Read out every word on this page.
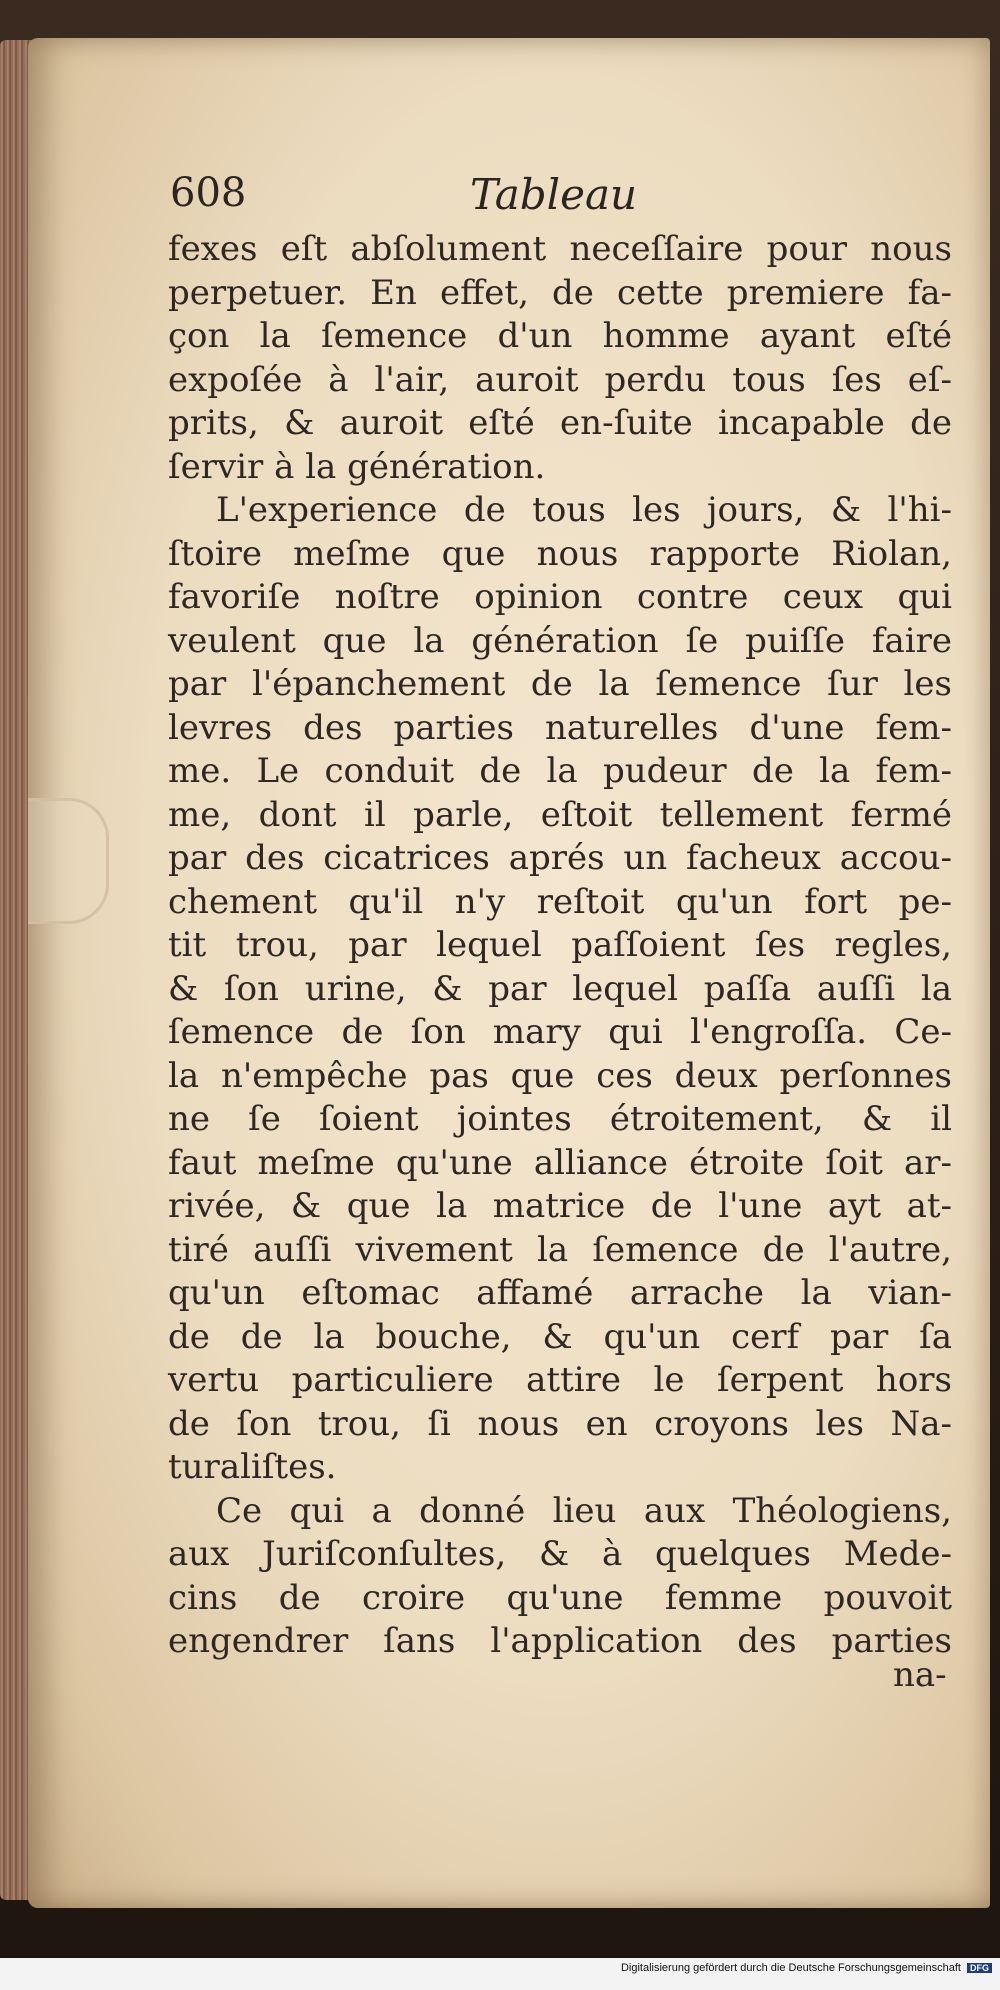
608	Tableau
fexes eſt abſolument neceſſaire pour nous
perpetuer. En effet, de cette premiere fa-
çon la ſemence d'un homme ayant eſté
expoſée à l'air, auroit perdu tous ſes eſ-
prits, & auroit eſté en-ſuite incapable de
ſervir à la génération.
L'experience de tous les jours, & l'hi-
ſtoire meſme que nous rapporte Riolan,
favoriſe noſtre opinion contre ceux qui
veulent que la génération ſe puiſſe faire
par l'épanchement de la ſemence ſur les
levres des parties naturelles d'une fem-
me. Le conduit de la pudeur de la fem-
me, dont il parle, eſtoit tellement fermé
par des cicatrices aprés un facheux accou-
chement qu'il n'y reſtoit qu'un fort pe-
tit trou, par lequel paſſoient ſes regles,
& ſon urine, & par lequel paſſa auſſi la
ſemence de ſon mary qui l'engroſſa. Ce-
la n'empêche pas que ces deux perſonnes
ne ſe ſoient jointes étroitement, & il
faut meſme qu'une alliance étroite ſoit ar-
rivée, & que la matrice de l'une ayt at-
tiré auſſi vivement la ſemence de l'autre,
qu'un eſtomac affamé arrache la vian-
de de la bouche, & qu'un cerf par ſa
vertu particuliere attire le ſerpent hors
de ſon trou, ſi nous en croyons les Na-
turaliſtes.
Ce qui a donné lieu aux Théologiens,
aux Juriſconſultes, & à quelques Mede-
cins de croire qu'une femme pouvoit
engendrer ſans l'application des parties
na-
Digitalisierung gefördert durch die Deutsche Forschungsgemeinschaft DFG
